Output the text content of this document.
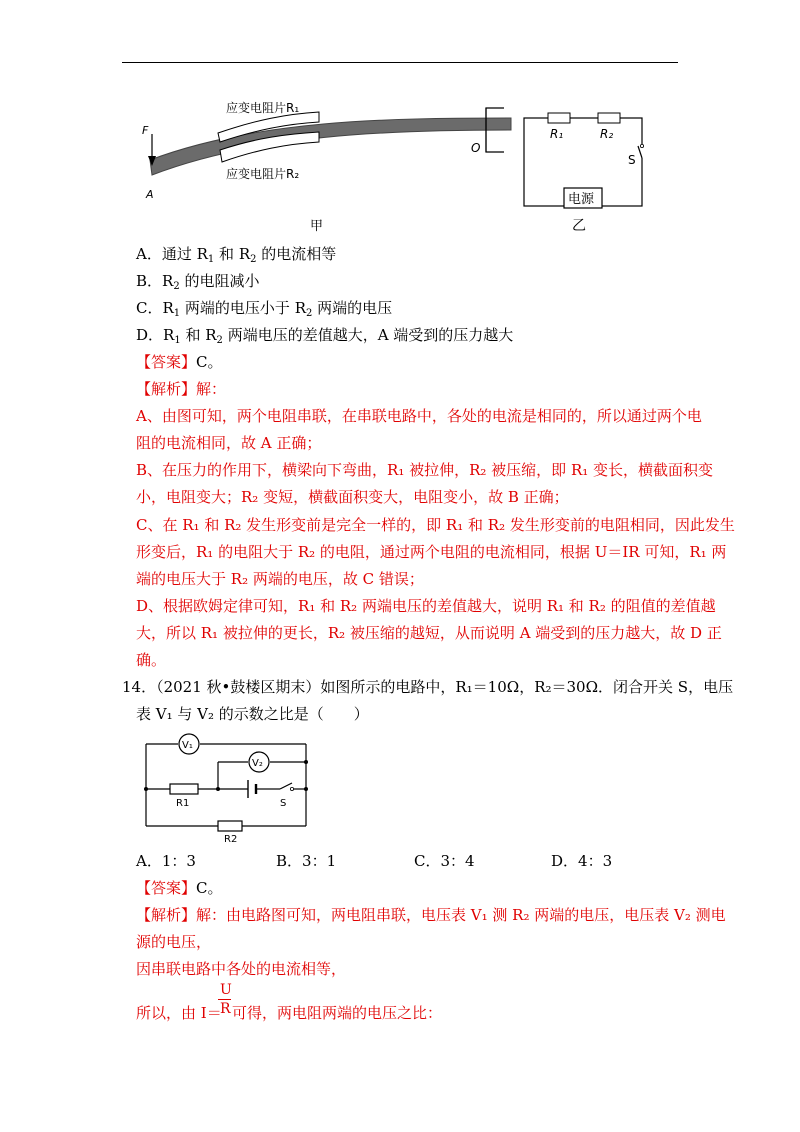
F
A
O
应变电阻片R₁
应变电阻片R₂
甲
R₁	R₂
S
电源
乙
A．通过 $R_1$ 和 $R_2$ 的电流相等
B．$R_2$ 的电阻减小
C．$R_1$ 两端的电压小于 $R_2$ 两端的电压
D．$R_1$ 和 $R_2$ 两端电压的差值越大，A 端受到的压力越大
【答案】C。
【解析】解：
A、由图可知，两个电阻串联，在串联电路中，各处的电流是相同的，所以通过两个电
阻的电流相同，故 A 正确；
B、在压力的作用下，横梁向下弯曲，R₁ 被拉伸，R₂ 被压缩，即 R₁ 变长，横截面积变
小，电阻变大；R₂ 变短，横截面积变大，电阻变小，故 B 正确；
C、在 R₁ 和 R₂ 发生形变前是完全一样的，即 R₁ 和 R₂ 发生形变前的电阻相同，因此发生
形变后，R₁ 的电阻大于 R₂ 的电阻，通过两个电阻的电流相同，根据 U＝IR 可知，R₁ 两
端的电压大于 R₂ 两端的电压，故 C 错误；
D、根据欧姆定律可知，R₁ 和 R₂ 两端电压的差值越大，说明 R₁ 和 R₂ 的阻值的差值越
大，所以 R₁ 被拉伸的更长，R₂ 被压缩的越短，从而说明 A 端受到的压力越大，故 D 正
确。
14．（2021 秋•鼓楼区期末）如图所示的电路中，R₁＝10Ω，R₂＝30Ω．闭合开关 S，电压
表 V₁ 与 V₂ 的示数之比是（　　）
V₁
V₂
R1	S
R2
A．1：3	B．3：1	C．3：4	D．4：3
【答案】C。
【解析】解：由电路图可知，两电阻串联，电压表 V₁ 测 R₂ 两端的电压，电压表 V₂ 测电
源的电压，
因串联电路中各处的电流相等，
所以，由 I＝
U
R 可得，两电阻两端的电压之比：
